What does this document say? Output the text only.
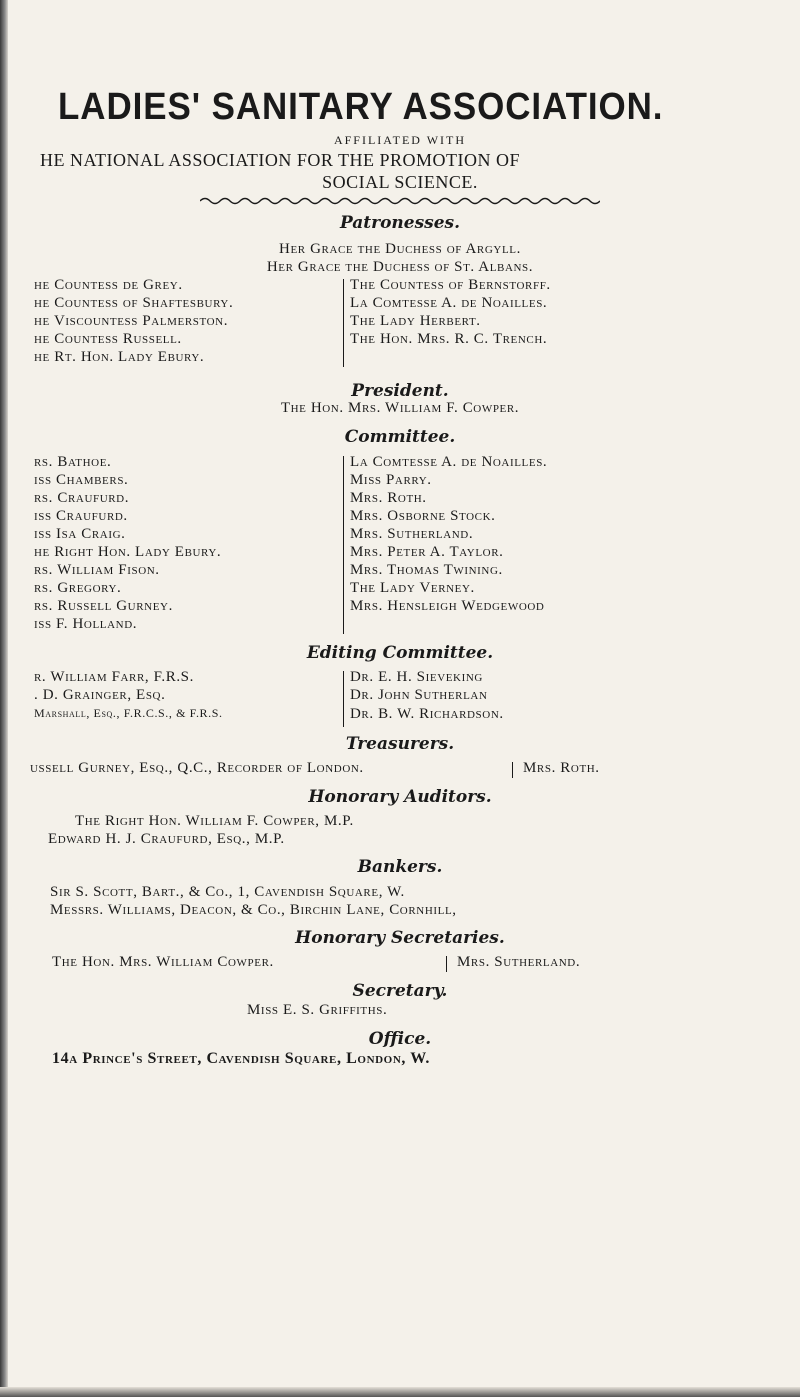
LADIES' SANITARY ASSOCIATION.
AFFILIATED WITH
HE NATIONAL ASSOCIATION FOR THE PROMOTION OF
SOCIAL SCIENCE.
Patronesses.
Her Grace the Duchess of Argyll.
Her Grace the Duchess of St. Albans.
he Countess de Grey.
he Countess of Shaftesbury.
he Viscountess Palmerston.
he Countess Russell.
he Rt. Hon. Lady Ebury.
The Countess of Bernstorff.
La Comtesse A. de Noailles.
The Lady Herbert.
The Hon. Mrs. R. C. Trench.
President.
The Hon. Mrs. William F. Cowper.
Committee.
rs. Bathoe.
iss Chambers.
rs. Craufurd.
iss Craufurd.
iss Isa Craig.
he Right Hon. Lady Ebury.
rs. William Fison.
rs. Gregory.
rs. Russell Gurney.
iss F. Holland.
La Comtesse A. de Noailles.
Miss Parry.
Mrs. Roth.
Mrs. Osborne Stock.
Mrs. Sutherland.
Mrs. Peter A. Taylor.
Mrs. Thomas Twining.
The Lady Verney.
Mrs. Hensleigh Wedgewood
Editing Committee.
r. William Farr, F.R.S.
. D. Grainger, Esq.
Marshall, Esq., F.R.C.S., & F.R.S.
Dr. E. H. Sieveking
Dr. John Sutherlan
Dr. B. W. Richardson.
Treasurers.
ussell Gurney, Esq., Q.C., Recorder of London.	Mrs. Roth.
Honorary Auditors.
The Right Hon. William F. Cowper, M.P.
Edward H. J. Craufurd, Esq., M.P.
Bankers.
Sir S. Scott, Bart., & Co., 1, Cavendish Square, W.
Messrs. Williams, Deacon, & Co., Birchin Lane, Cornhill,
Honorary Secretaries.
The Hon. Mrs. William Cowper.	Mrs. Sutherland.
Secretary.
Miss E. S. Griffiths.
Office.
14a Prince's Street, Cavendish Square, London, W.
